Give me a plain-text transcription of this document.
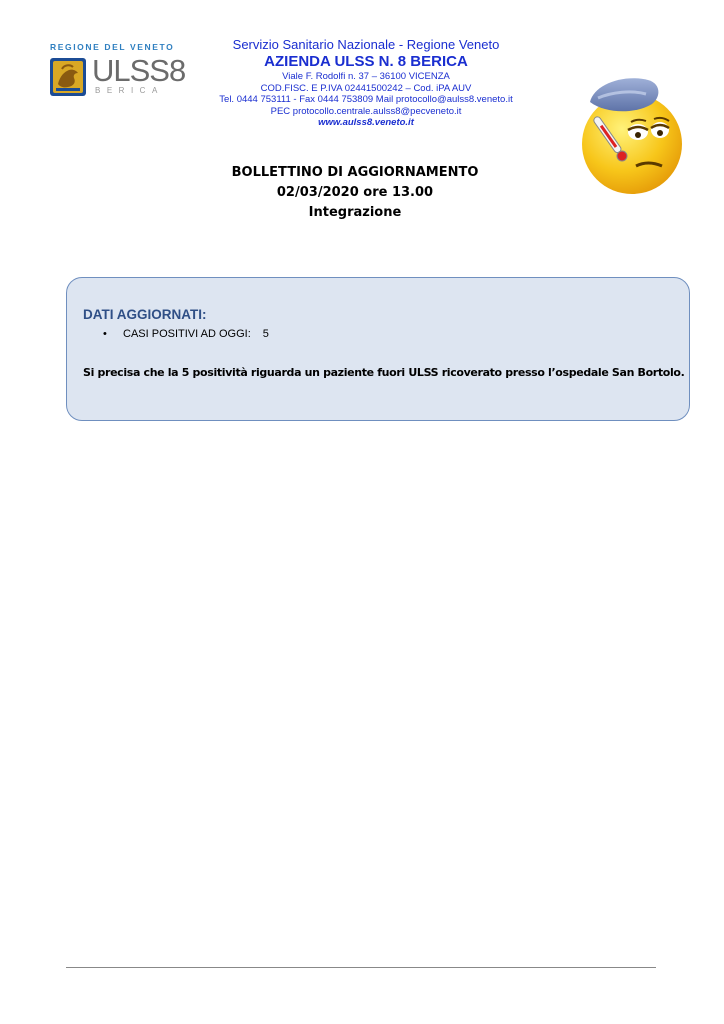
REGIONE DEL VENETO
ULSS8
BERICA
Servizio Sanitario Nazionale - Regione Veneto
AZIENDA ULSS N. 8 BERICA
Viale F. Rodolfi n. 37 – 36100 VICENZA
COD.FISC. E P.IVA 02441500242 – Cod. iPA AUV
Tel. 0444 753111 - Fax 0444 753809 Mail protocollo@aulss8.veneto.it
PEC protocollo.centrale.aulss8@pecveneto.it
www.aulss8.veneto.it
BOLLETTINO DI AGGIORNAMENTO
02/03/2020 ore 13.00
Integrazione
DATI AGGIORNATI:
• CASI POSITIVI AD OGGI: 5
Si precisa che la 5 positività riguarda un paziente fuori ULSS ricoverato presso l’ospedale San Bortolo.
